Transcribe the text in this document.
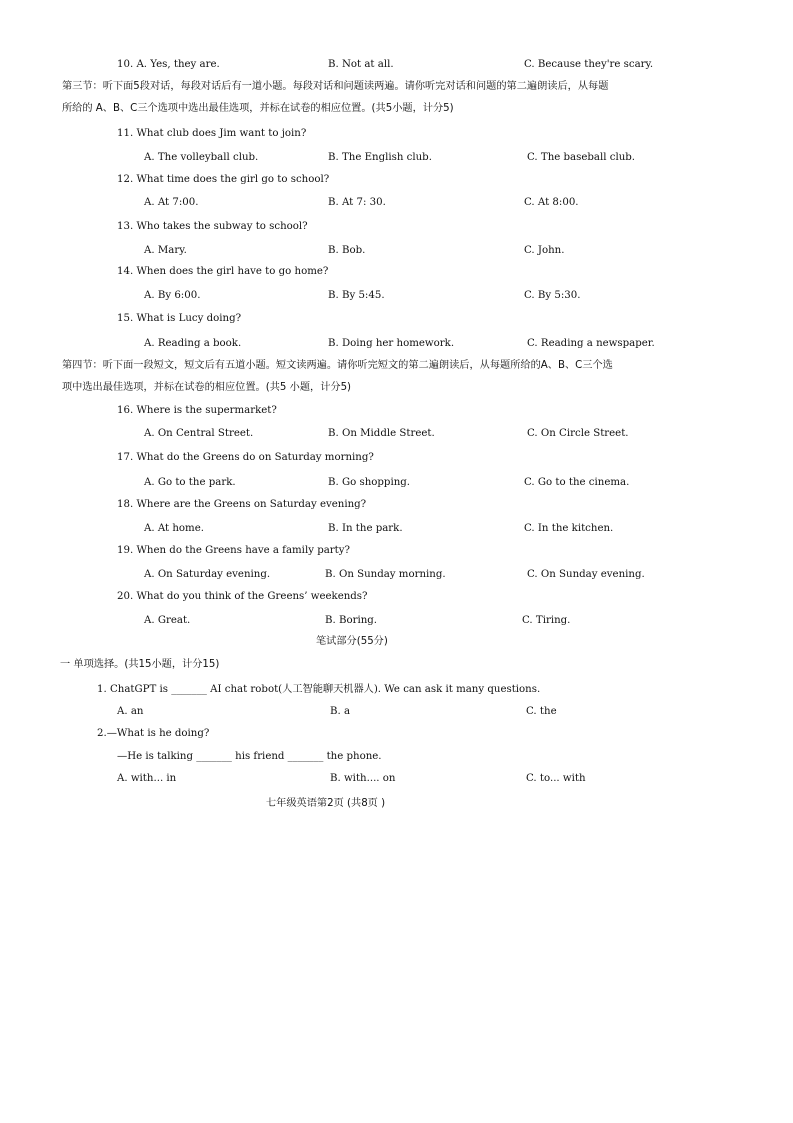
10. A. Yes, they are.	B. Not at all.	C. Because they're scary.
第三节：听下面5段对话，每段对话后有一道小题。每段对话和问题读两遍。请你听完对话和问题的第二遍朗读后，从每题
所给的 A、B、C三个选项中选出最佳选项，并标在试卷的相应位置。(共5小题，计分5)
11. What club does Jim want to join?
A. The volleyball club.	B. The English club.	C. The baseball club.
12. What time does the girl go to school?
A. At 7:00.	B. At 7: 30.	C. At 8:00.
13. Who takes the subway to school?
A. Mary.	B. Bob.	C. John.
14. When does the girl have to go home?
A. By 6:00.	B. By 5:45.	C. By 5:30.
15. What is Lucy doing?
A. Reading a book.	B. Doing her homework.	C. Reading a newspaper.
第四节：听下面一段短文，短文后有五道小题。短文读两遍。请你听完短文的第二遍朗读后，从每题所给的A、B、C三个选
项中选出最佳选项，并标在试卷的相应位置。(共5 小题，计分5)
16. Where is the supermarket?
A. On Central Street.	B. On Middle Street.	C. On Circle Street.
17. What do the Greens do on Saturday morning?
A. Go to the park.	B. Go shopping.	C. Go to the cinema.
18. Where are the Greens on Saturday evening?
A. At home.	B. In the park.	C. In the kitchen.
19. When do the Greens have a family party?
A. On Saturday evening.	B. On Sunday morning.	C. On Sunday evening.
20. What do you think of the Greens’ weekends?
A. Great.	B. Boring.	C. Tiring.
笔试部分(55分)
一 单项选择。(共15小题，计分15)
1. ChatGPT is _______ AI chat robot(人工智能聊天机器人). We can ask it many questions.
A. an	B. a	C. the
2.—What is he doing?
—He is talking _______ his friend _______ the phone.
A. with... in	B. with.... on	C. to... with
七年级英语第2页 (共8页 )
